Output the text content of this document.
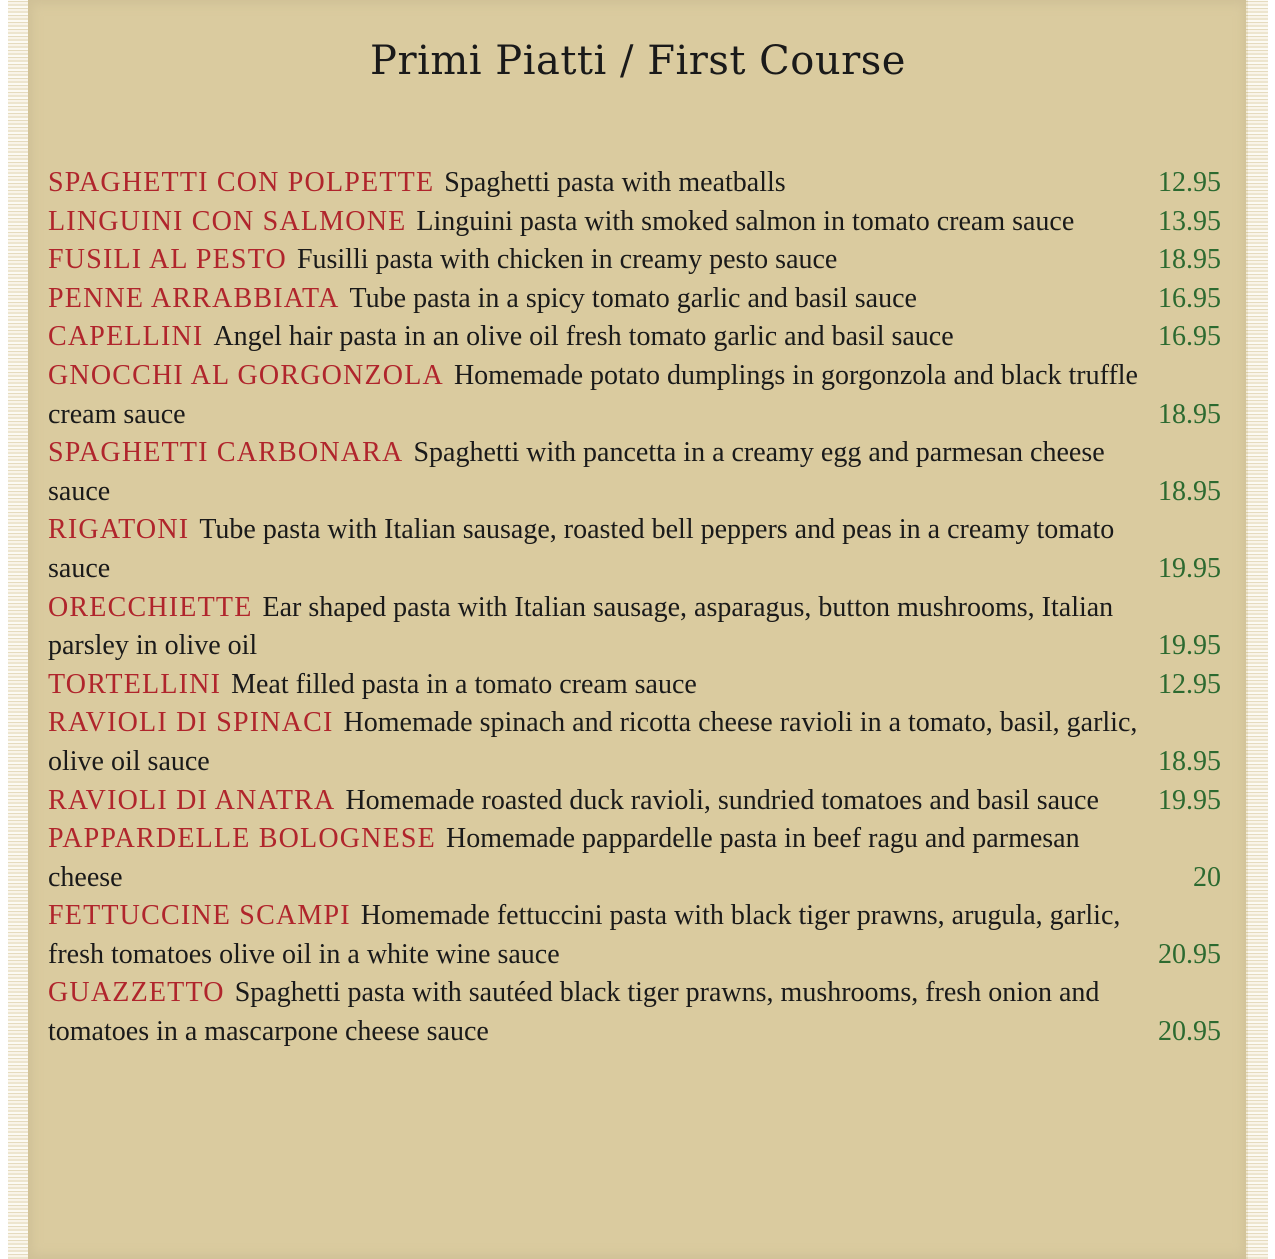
Primi Piatti / First Course
SPAGHETTI CON POLPETTE Spaghetti pasta with meatballs	12.95
LINGUINI CON SALMONE Linguini pasta with smoked salmon in tomato cream sauce	13.95
FUSILI AL PESTO Fusilli pasta with chicken in creamy pesto sauce	18.95
PENNE ARRABBIATA Tube pasta in a spicy tomato garlic and basil sauce	16.95
CAPELLINI Angel hair pasta in an olive oil fresh tomato garlic and basil sauce	16.95
GNOCCHI AL GORGONZOLA Homemade potato dumplings in gorgonzola and black truffle cream sauce	18.95
SPAGHETTI CARBONARA Spaghetti with pancetta in a creamy egg and parmesan cheese sauce	18.95
RIGATONI Tube pasta with Italian sausage, roasted bell peppers and peas in a creamy tomato sauce	19.95
ORECCHIETTE Ear shaped pasta with Italian sausage, asparagus, button mushrooms, Italian parsley in olive oil	19.95
TORTELLINI Meat filled pasta in a tomato cream sauce	12.95
RAVIOLI DI SPINACI Homemade spinach and ricotta cheese ravioli in a tomato, basil, garlic, olive oil sauce	18.95
RAVIOLI DI ANATRA Homemade roasted duck ravioli, sundried tomatoes and basil sauce	19.95
PAPPARDELLE BOLOGNESE Homemade pappardelle pasta in beef ragu and parmesan cheese	20
FETTUCCINE SCAMPI Homemade fettuccini pasta with black tiger prawns, arugula, garlic, fresh tomatoes olive oil in a white wine sauce	20.95
GUAZZETTO Spaghetti pasta with sautéed black tiger prawns, mushrooms, fresh onion and tomatoes in a mascarpone cheese sauce	20.95
